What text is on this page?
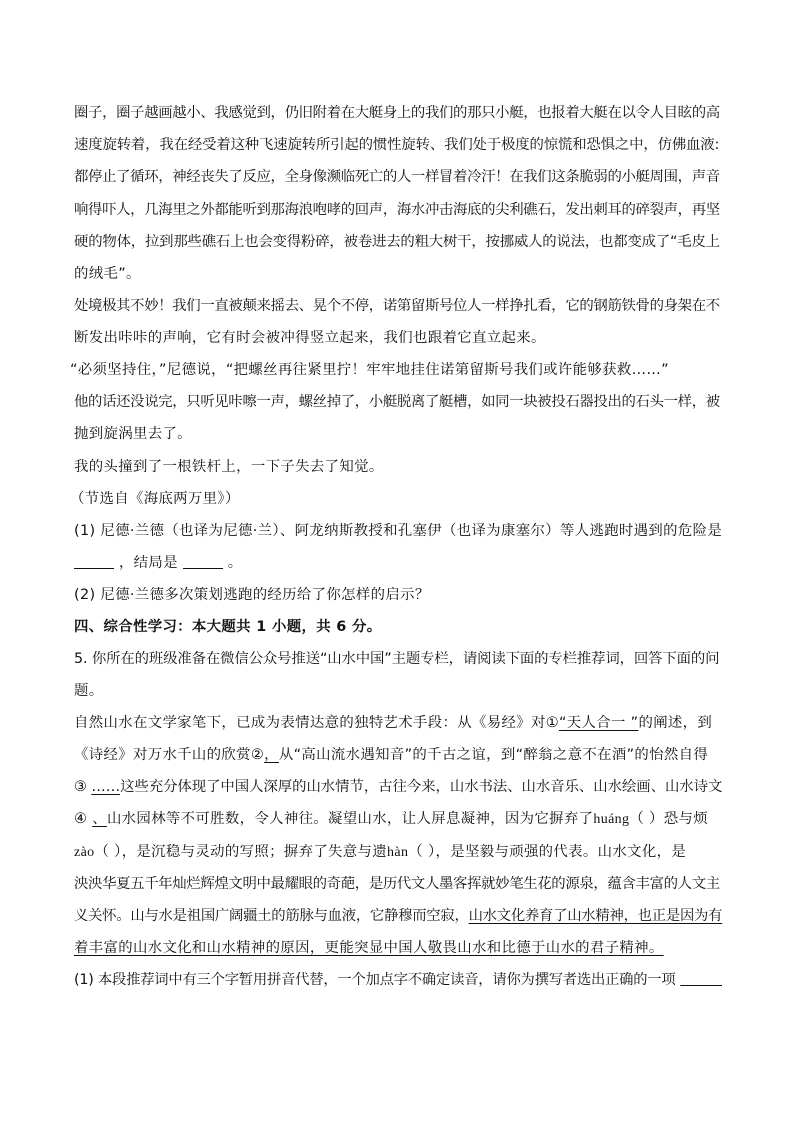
圈子，圈子越画越小、我感觉到，仍旧附着在大艇身上的我们的那只小艇，也报着大艇在以令人目眩的高
速度旋转着，我在经受着这种飞速旋转所引起的惯性旋转、我们处于极度的惊慌和恐惧之中，仿佛血液:
都停止了循环，神经丧失了反应，全身像濒临死亡的人一样冒着冷汗！在我们这条脆弱的小艇周围，声音
响得吓人，几海里之外都能听到那海浪咆哮的回声，海水冲击海底的尖利礁石，发出刺耳的碎裂声，再坚
硬的物体，拉到那些礁石上也会变得粉碎，被卷进去的粗大树干，按挪威人的说法，也都变成了“毛皮上
的绒毛”。
处境极其不妙！我们一直被颠来摇去、晃个不停，诺第留斯号位人一样挣扎看，它的钢筋铁骨的身架在不
断发出咔咔的声响，它有时会被冲得竖立起来，我们也跟着它直立起来。
“必须坚持住，”尼德说，“把螺丝再往紧里拧！牢牢地挂住诺第留斯号我们或许能够获救……”
他的话还没说完，只听见咔嚓一声，螺丝掉了，小艇脱离了艇槽，如同一块被投石器投出的石头一样，被
抛到旋涡里去了。
我的头撞到了一根铁杆上，一下子失去了知觉。
（节选自《海底两万里》）
(1) 尼德·兰德（也译为尼德·兰）、阿龙纳斯教授和孔塞伊（也译为康塞尔）等人逃跑时遇到的危险是
，结局是	。
(2) 尼德·兰德多次策划逃跑的经历给了你怎样的启示？
四、综合性学习：本大题共 1 小题，共 6 分。
5. 你所在的班级准备在微信公众号推送“山水中国”主题专栏，请阅读下面的专栏推荐词，回答下面的问
题。
自然山水在文学家笔下，已成为表情达意的独特艺术手段：从《易经》对①“天人合一 ”的阐述，到
《诗经》对万水千山的欣赏②，从“高山流水遇知音”的千古之谊，到“醉翁之意不在酒”的怡然自得
③ ……这些充分体现了中国人深厚的山水情节，古往今来，山水书法、山水音乐、山水绘画、山水诗文
④ 、山水园林等不可胜数，令人神往。凝望山水，让人屏息凝神，因为它摒弃了huáng（ ）恐与烦
zào（ ），是沉稳与灵动的写照；摒弃了失意与遗hàn（ ），是坚毅与顽强的代表。山水文化，是
泱泱华夏五千年灿烂辉煌文明中最耀眼的奇葩，是历代文人墨客挥就妙笔生花的源泉，蕴含丰富的人文主
义关怀。山与水是祖国广阔疆土的筋脉与血液，它静穆而空寂，山水文化养育了山水精神，也正是因为有
着丰富的山水文化和山水精神的原因，更能突显中国人敬畏山水和比德于山水的君子精神。
(1) 本段推荐词中有三个字暂用拼音代替，一个加点字不确定读音，请你为撰写者选出正确的一项
